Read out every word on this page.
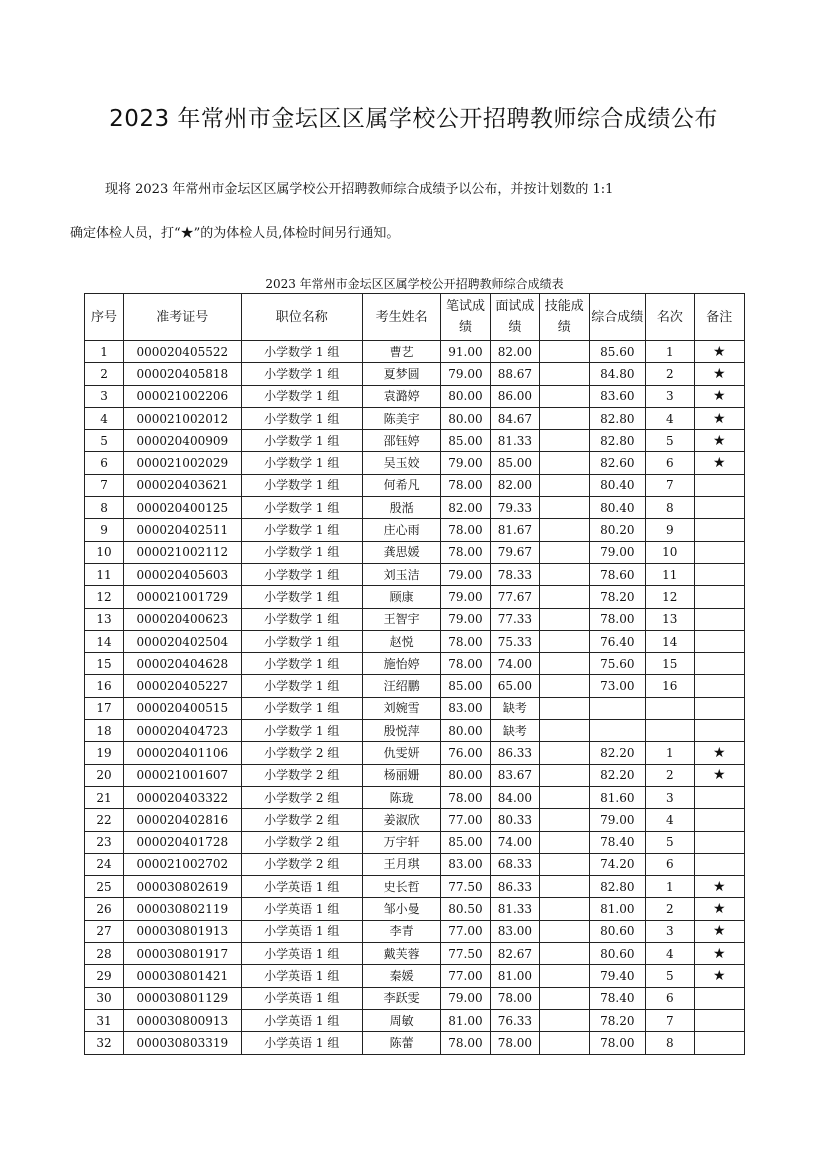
2023 年常州市金坛区区属学校公开招聘教师综合成绩公布
现将 2023 年常州市金坛区区属学校公开招聘教师综合成绩予以公布，并按计划数的 1:1
确定体检人员，打“★”的为体检人员,体检时间另行通知。
2023 年常州市金坛区区属学校公开招聘教师综合成绩表
序号	准考证号	职位名称	考生姓名	笔试成绩	面试成绩	技能成绩	综合成绩	名次	备注
1	000020405522	小学数学 1 组	曹艺	91.00	82.00		85.60	1	★
2	000020405818	小学数学 1 组	夏梦圆	79.00	88.67		84.80	2	★
3	000021002206	小学数学 1 组	袁潞婷	80.00	86.00		83.60	3	★
4	000021002012	小学数学 1 组	陈美宇	80.00	84.67		82.80	4	★
5	000020400909	小学数学 1 组	邵钰婷	85.00	81.33		82.80	5	★
6	000021002029	小学数学 1 组	吴玉姣	79.00	85.00		82.60	6	★
7	000020403621	小学数学 1 组	何希凡	78.00	82.00		80.40	7	
8	000020400125	小学数学 1 组	殷湉	82.00	79.33		80.40	8	
9	000020402511	小学数学 1 组	庄心雨	78.00	81.67		80.20	9	
10	000021002112	小学数学 1 组	龚思媛	78.00	79.67		79.00	10	
11	000020405603	小学数学 1 组	刘玉洁	79.00	78.33		78.60	11	
12	000021001729	小学数学 1 组	顾康	79.00	77.67		78.20	12	
13	000020400623	小学数学 1 组	王智宇	79.00	77.33		78.00	13	
14	000020402504	小学数学 1 组	赵悦	78.00	75.33		76.40	14	
15	000020404628	小学数学 1 组	施怡婷	78.00	74.00		75.60	15	
16	000020405227	小学数学 1 组	汪绍鹏	85.00	65.00		73.00	16	
17	000020400515	小学数学 1 组	刘婉雪	83.00	缺考				
18	000020404723	小学数学 1 组	殷悦萍	80.00	缺考				
19	000020401106	小学数学 2 组	仇雯妍	76.00	86.33		82.20	1	★
20	000021001607	小学数学 2 组	杨丽姗	80.00	83.67		82.20	2	★
21	000020403322	小学数学 2 组	陈珑	78.00	84.00		81.60	3	
22	000020402816	小学数学 2 组	姜淑欣	77.00	80.33		79.00	4	
23	000020401728	小学数学 2 组	万宇轩	85.00	74.00		78.40	5	
24	000021002702	小学数学 2 组	王月琪	83.00	68.33		74.20	6	
25	000030802619	小学英语 1 组	史长哲	77.50	86.33		82.80	1	★
26	000030802119	小学英语 1 组	邹小曼	80.50	81.33		81.00	2	★
27	000030801913	小学英语 1 组	李青	77.00	83.00		80.60	3	★
28	000030801917	小学英语 1 组	戴芙蓉	77.50	82.67		80.60	4	★
29	000030801421	小学英语 1 组	秦媛	77.00	81.00		79.40	5	★
30	000030801129	小学英语 1 组	李跃雯	79.00	78.00		78.40	6	
31	000030800913	小学英语 1 组	周敏	81.00	76.33		78.20	7	
32	000030803319	小学英语 1 组	陈蕾	78.00	78.00		78.00	8	
